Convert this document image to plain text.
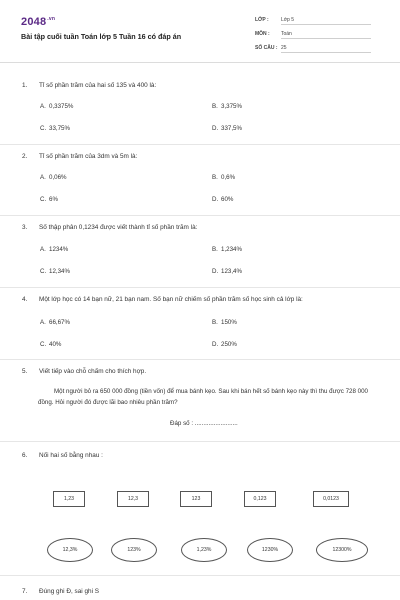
$2048^{.vn}$
Bài tập cuối tuần Toán lớp 5 Tuần 16 có đáp án
LỚP : Lớp 5
MÔN : Toán
SỐ CÂU : 25
1. Tỉ số phần trăm của hai số 135 và 400 là:
A. 0,3375%	B. 3,375%
C. 33,75%	D. 337,5%
2. Tỉ số phần trăm của 3dm và 5m là:
A. 0,06%	B. 0,6%
C. 6%	D. 60%
3. Số thập phân 0,1234 được viết thành tỉ số phần trăm là:
A. 1234%	B. 1,234%
C. 12,34%	D. 123,4%
4. Một lớp học có 14 bạn nữ, 21 bạn nam. Số bạn nữ chiếm số phần trăm số học sinh cả lớp là:
A. 66,67%	B. 150%
C. 40%	D. 250%
5. Viết tiếp vào chỗ chấm cho thích hợp.
Một người bỏ ra 650 000 đồng (tiền vốn) để mua bánh kẹo. Sau khi bán hết số bánh kẹo này thì thu được 728 000 đồng. Hỏi người đó được lãi bao nhiêu phần trăm?
Đáp số : .........................
6. Nối hai số bằng nhau :
1,23	12,3	123	0,123	0,0123
12,3%	123%	1,23%	1230%	12300%
7. Đúng ghi Đ, sai ghi S
